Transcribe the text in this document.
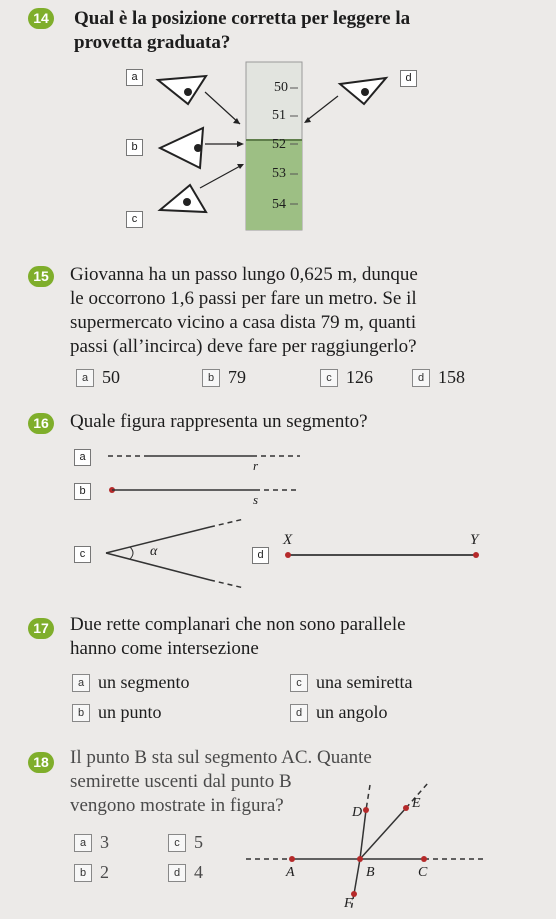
14 Qual è la posizione corretta per leggere la
provetta graduata?
50
51
52
53
54
a
b
c
d
15 Giovanna ha un passo lungo 0,625 m, dunque
le occorrono 1,6 passi per fare un metro. Se il
supermercato vicino a casa dista 79 m, quanti
passi (all’incirca) deve fare per raggiungerlo?
a 50	b 79	c 126	d 158
16 Quale figura rappresenta un segmento?
a
b
c	d
r
s
α
X	Y
17 Due rette complanari che non sono parallele
hanno come intersezione
a un segmento
b un punto
c una semiretta
d un angolo
18 Il punto B sta sul segmento AC. Quante
semirette uscenti dal punto B
vengono mostrate in figura?
a 3
b 2
c 5
d 4	A	B	C
D
E
F
